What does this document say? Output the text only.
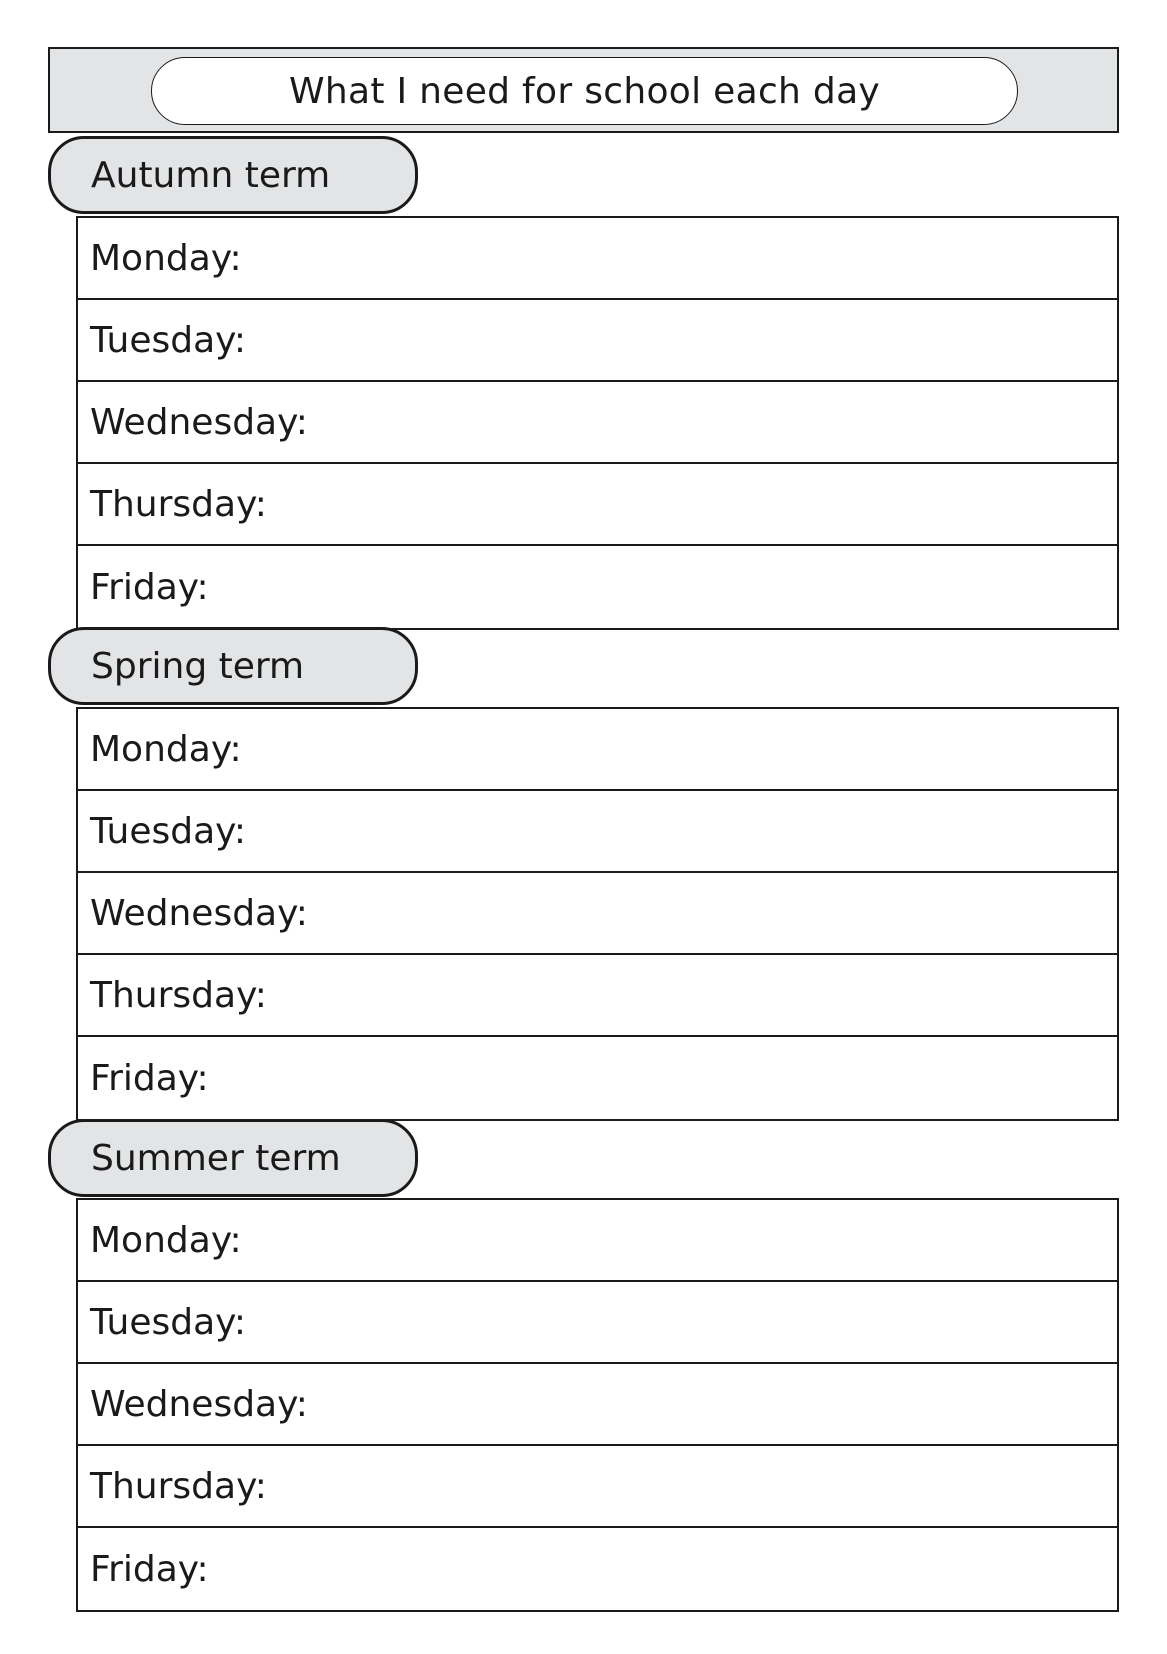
What I need for school each day
Autumn term
Monday:
Tuesday:
Wednesday:
Thursday:
Friday:
Spring term
Monday:
Tuesday:
Wednesday:
Thursday:
Friday:
Summer term
Monday:
Tuesday:
Wednesday:
Thursday:
Friday:
